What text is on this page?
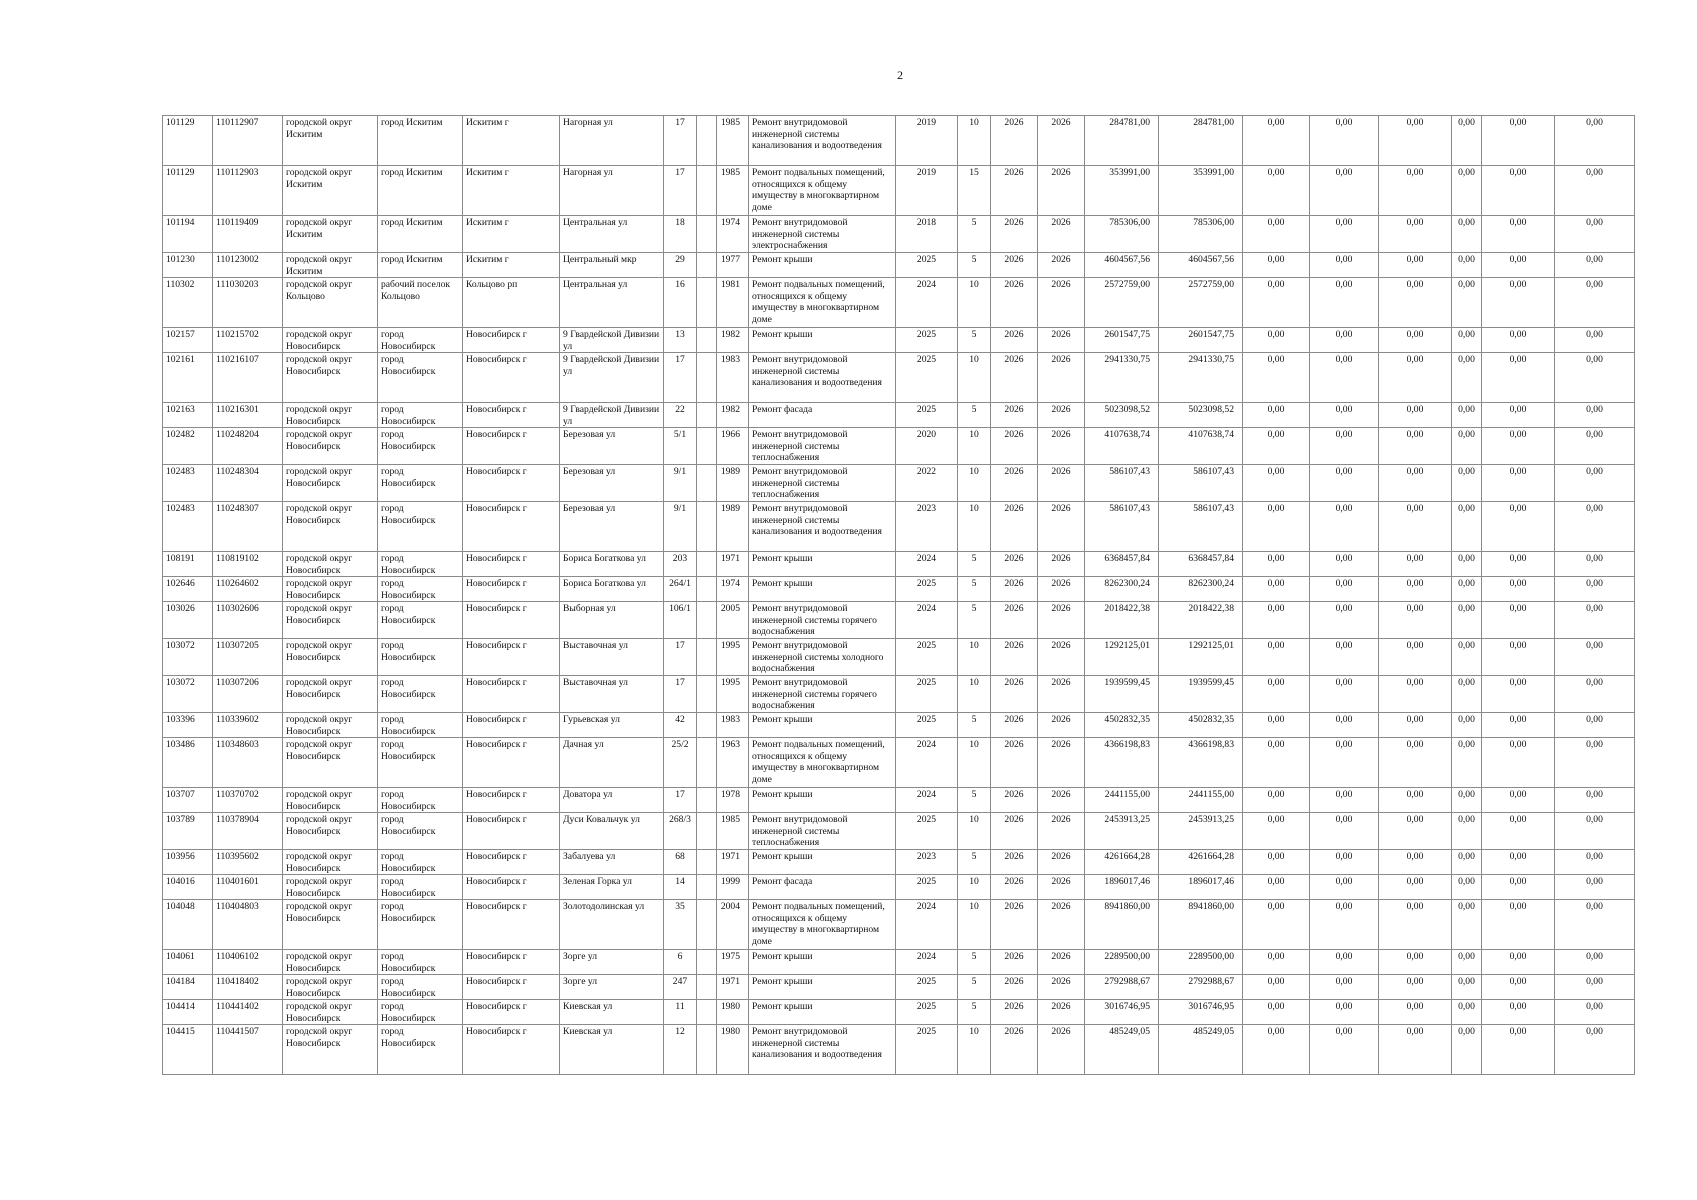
2
101129	110112907	городской округ Искитим	город Искитим	Искитим г	Нагорная ул	17		1985	Ремонт внутридомовой инженерной системы канализования и водоотведения	2019	10	2026	2026	284781,00	284781,00	0,00	0,00	0,00	0,00	0,00	0,00
101129	110112903	городской округ Искитим	город Искитим	Искитим г	Нагорная ул	17		1985	Ремонт подвальных помещений, относящихся к общему имуществу в многоквартирном доме	2019	15	2026	2026	353991,00	353991,00	0,00	0,00	0,00	0,00	0,00	0,00
101194	110119409	городской округ Искитим	город Искитим	Искитим г	Центральная ул	18		1974	Ремонт внутридомовой инженерной системы электроснабжения	2018	5	2026	2026	785306,00	785306,00	0,00	0,00	0,00	0,00	0,00	0,00
101230	110123002	городской округ Искитим	город Искитим	Искитим г	Центральный мкр	29		1977	Ремонт крыши	2025	5	2026	2026	4604567,56	4604567,56	0,00	0,00	0,00	0,00	0,00	0,00
110302	111030203	городской округ Кольцово	рабочий поселок Кольцово	Кольцово рп	Центральная ул	16		1981	Ремонт подвальных помещений, относящихся к общему имуществу в многоквартирном доме	2024	10	2026	2026	2572759,00	2572759,00	0,00	0,00	0,00	0,00	0,00	0,00
102157	110215702	городской округ Новосибирск	город Новосибирск	Новосибирск г	9 Гвардейской Дивизии ул	13		1982	Ремонт крыши	2025	5	2026	2026	2601547,75	2601547,75	0,00	0,00	0,00	0,00	0,00	0,00
102161	110216107	городской округ Новосибирск	город Новосибирск	Новосибирск г	9 Гвардейской Дивизии ул	17		1983	Ремонт внутридомовой инженерной системы канализования и водоотведения	2025	10	2026	2026	2941330,75	2941330,75	0,00	0,00	0,00	0,00	0,00	0,00
102163	110216301	городской округ Новосибирск	город Новосибирск	Новосибирск г	9 Гвардейской Дивизии ул	22		1982	Ремонт фасада	2025	5	2026	2026	5023098,52	5023098,52	0,00	0,00	0,00	0,00	0,00	0,00
102482	110248204	городской округ Новосибирск	город Новосибирск	Новосибирск г	Березовая ул	5/1		1966	Ремонт внутридомовой инженерной системы теплоснабжения	2020	10	2026	2026	4107638,74	4107638,74	0,00	0,00	0,00	0,00	0,00	0,00
102483	110248304	городской округ Новосибирск	город Новосибирск	Новосибирск г	Березовая ул	9/1		1989	Ремонт внутридомовой инженерной системы теплоснабжения	2022	10	2026	2026	586107,43	586107,43	0,00	0,00	0,00	0,00	0,00	0,00
102483	110248307	городской округ Новосибирск	город Новосибирск	Новосибирск г	Березовая ул	9/1		1989	Ремонт внутридомовой инженерной системы канализования и водоотведения	2023	10	2026	2026	586107,43	586107,43	0,00	0,00	0,00	0,00	0,00	0,00
108191	110819102	городской округ Новосибирск	город Новосибирск	Новосибирск г	Бориса Богаткова ул	203		1971	Ремонт крыши	2024	5	2026	2026	6368457,84	6368457,84	0,00	0,00	0,00	0,00	0,00	0,00
102646	110264602	городской округ Новосибирск	город Новосибирск	Новосибирск г	Бориса Богаткова ул	264/1		1974	Ремонт крыши	2025	5	2026	2026	8262300,24	8262300,24	0,00	0,00	0,00	0,00	0,00	0,00
103026	110302606	городской округ Новосибирск	город Новосибирск	Новосибирск г	Выборная ул	106/1		2005	Ремонт внутридомовой инженерной системы горячего водоснабжения	2024	5	2026	2026	2018422,38	2018422,38	0,00	0,00	0,00	0,00	0,00	0,00
103072	110307205	городской округ Новосибирск	город Новосибирск	Новосибирск г	Выставочная ул	17		1995	Ремонт внутридомовой инженерной системы холодного водоснабжения	2025	10	2026	2026	1292125,01	1292125,01	0,00	0,00	0,00	0,00	0,00	0,00
103072	110307206	городской округ Новосибирск	город Новосибирск	Новосибирск г	Выставочная ул	17		1995	Ремонт внутридомовой инженерной системы горячего водоснабжения	2025	10	2026	2026	1939599,45	1939599,45	0,00	0,00	0,00	0,00	0,00	0,00
103396	110339602	городской округ Новосибирск	город Новосибирск	Новосибирск г	Гурьевская ул	42		1983	Ремонт крыши	2025	5	2026	2026	4502832,35	4502832,35	0,00	0,00	0,00	0,00	0,00	0,00
103486	110348603	городской округ Новосибирск	город Новосибирск	Новосибирск г	Дачная ул	25/2		1963	Ремонт подвальных помещений, относящихся к общему имуществу в многоквартирном доме	2024	10	2026	2026	4366198,83	4366198,83	0,00	0,00	0,00	0,00	0,00	0,00
103707	110370702	городской округ Новосибирск	город Новосибирск	Новосибирск г	Доватора ул	17		1978	Ремонт крыши	2024	5	2026	2026	2441155,00	2441155,00	0,00	0,00	0,00	0,00	0,00	0,00
103789	110378904	городской округ Новосибирск	город Новосибирск	Новосибирск г	Дуси Ковальчук ул	268/3		1985	Ремонт внутридомовой инженерной системы теплоснабжения	2025	10	2026	2026	2453913,25	2453913,25	0,00	0,00	0,00	0,00	0,00	0,00
103956	110395602	городской округ Новосибирск	город Новосибирск	Новосибирск г	Забалуева ул	68		1971	Ремонт крыши	2023	5	2026	2026	4261664,28	4261664,28	0,00	0,00	0,00	0,00	0,00	0,00
104016	110401601	городской округ Новосибирск	город Новосибирск	Новосибирск г	Зеленая Горка ул	14		1999	Ремонт фасада	2025	10	2026	2026	1896017,46	1896017,46	0,00	0,00	0,00	0,00	0,00	0,00
104048	110404803	городской округ Новосибирск	город Новосибирск	Новосибирск г	Золотодолинская ул	35		2004	Ремонт подвальных помещений, относящихся к общему имуществу в многоквартирном доме	2024	10	2026	2026	8941860,00	8941860,00	0,00	0,00	0,00	0,00	0,00	0,00
104061	110406102	городской округ Новосибирск	город Новосибирск	Новосибирск г	Зорге ул	6		1975	Ремонт крыши	2024	5	2026	2026	2289500,00	2289500,00	0,00	0,00	0,00	0,00	0,00	0,00
104184	110418402	городской округ Новосибирск	город Новосибирск	Новосибирск г	Зорге ул	247		1971	Ремонт крыши	2025	5	2026	2026	2792988,67	2792988,67	0,00	0,00	0,00	0,00	0,00	0,00
104414	110441402	городской округ Новосибирск	город Новосибирск	Новосибирск г	Киевская ул	11		1980	Ремонт крыши	2025	5	2026	2026	3016746,95	3016746,95	0,00	0,00	0,00	0,00	0,00	0,00
104415	110441507	городской округ Новосибирск	город Новосибирск	Новосибирск г	Киевская ул	12		1980	Ремонт внутридомовой инженерной системы канализования и водоотведения	2025	10	2026	2026	485249,05	485249,05	0,00	0,00	0,00	0,00	0,00	0,00
